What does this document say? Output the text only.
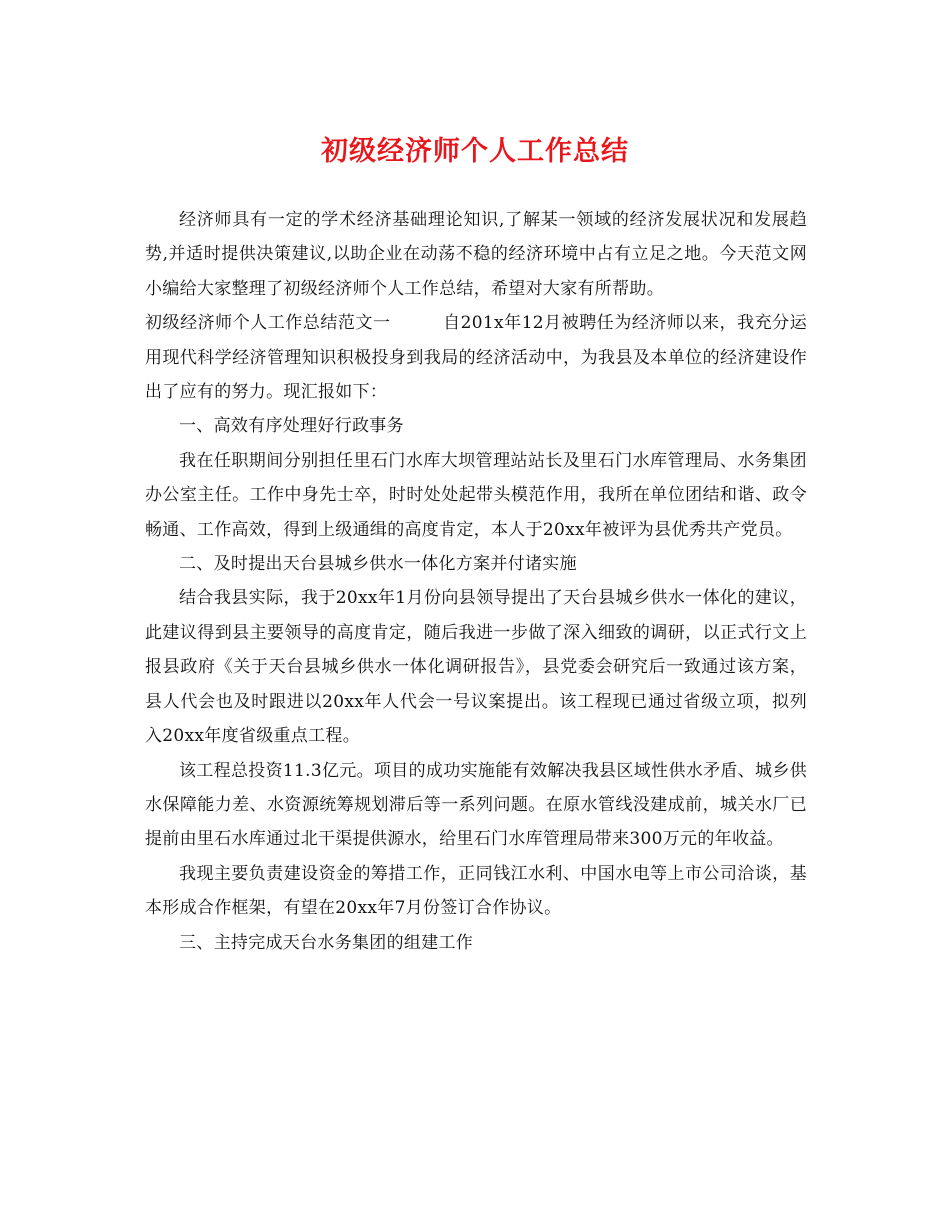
初级经济师个人工作总结

经济师具有一定的学术经济基础理论知识,了解某一领域的经济发展状况和发展趋势,并适时提供决策建议,以助企业在动荡不稳的经济环境中占有立足之地。今天范文网小编给大家整理了初级经济师个人工作总结，希望对大家有所帮助。

初级经济师个人工作总结范文一　　　自201x年12月被聘任为经济师以来，我充分运用现代科学经济管理知识积极投身到我局的经济活动中，为我县及本单位的经济建设作出了应有的努力。现汇报如下：

一、高效有序处理好行政事务

我在任职期间分别担任里石门水库大坝管理站站长及里石门水库管理局、水务集团办公室主任。工作中身先士卒，时时处处起带头模范作用，我所在单位团结和谐、政令畅通、工作高效，得到上级通缉的高度肯定，本人于20xx年被评为县优秀共产党员。

二、及时提出天台县城乡供水一体化方案并付诸实施

结合我县实际，我于20xx年1月份向县领导提出了天台县城乡供水一体化的建议，此建议得到县主要领导的高度肯定，随后我进一步做了深入细致的调研，以正式行文上报县政府《关于天台县城乡供水一体化调研报告》，县党委会研究后一致通过该方案，县人代会也及时跟进以20xx年人代会一号议案提出。该工程现已通过省级立项，拟列入20xx年度省级重点工程。

该工程总投资11.3亿元。项目的成功实施能有效解决我县区域性供水矛盾、城乡供水保障能力差、水资源统筹规划滞后等一系列问题。在原水管线没建成前，城关水厂已提前由里石水库通过北干渠提供源水，给里石门水库管理局带来300万元的年收益。

我现主要负责建设资金的筹措工作，正同钱江水利、中国水电等上市公司洽谈，基本形成合作框架，有望在20xx年7月份签订合作协议。

三、主持完成天台水务集团的组建工作
